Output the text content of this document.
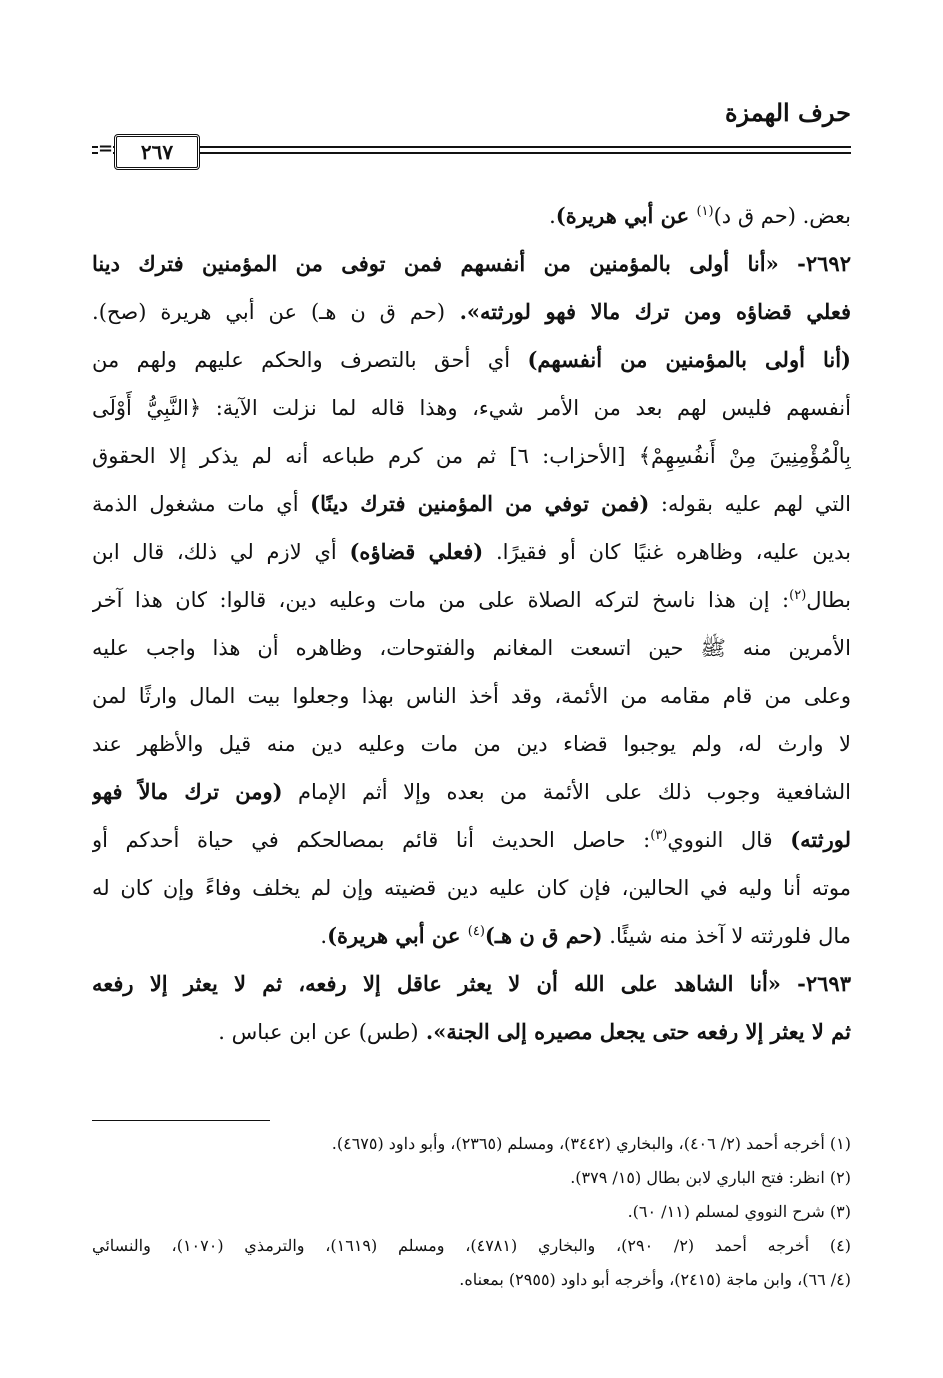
حرف الهمزة
=	٢٦٧
بعض. (حم ق د)$^{(١)}$ عن أبي هريرة).
٢٦٩٢- «أنا أولى بالمؤمنين من أنفسهم فمن توفى من المؤمنين فترك دينا
فعلي قضاؤه ومن ترك مالا فهو لورثته». (حم ق ن هـ) عن أبي هريرة (صح).
(أنا أولى بالمؤمنين من أنفسهم) أي أحق بالتصرف والحكم عليهم ولهم من
أنفسهم فليس لهم بعد من الأمر شيء، وهذا قاله لما نزلت الآية: ﴿النَّبِيُّ أَوْلَى
بِالْمُؤْمِنِينَ مِنْ أَنفُسِهِمْ﴾ [الأحزاب: ٦] ثم من كرم طباعه أنه لم يذكر إلا الحقوق
التي لهم عليه بقوله: (فمن توفي من المؤمنين فترك دينًا) أي مات مشغول الذمة
بدين عليه، وظاهره غنيًا كان أو فقيرًا. (فعلي قضاؤه) أي لازم لي ذلك، قال ابن
بطال$^{(٢)}$: إن هذا ناسخ لتركه الصلاة على من مات وعليه دين، قالوا: كان هذا آخر
الأمرين منه ﷺ حين اتسعت المغانم والفتوحات، وظاهره أن هذا واجب عليه
وعلى من قام مقامه من الأئمة، وقد أخذ الناس بهذا وجعلوا بيت المال وارثًا لمن
لا وارث له، ولم يوجبوا قضاء دين من مات وعليه دين منه قيل والأظهر عند
الشافعية وجوب ذلك على الأئمة من بعده وإلا أثم الإمام (ومن ترك مالاً فهو
لورثته) قال النووي$^{(٣)}$: حاصل الحديث أنا قائم بمصالحكم في حياة أحدكم أو
موته أنا وليه في الحالين، فإن كان عليه دين قضيته وإن لم يخلف وفاءً وإن كان له
مال فلورثته لا آخذ منه شيئًا. (حم ق ن هـ)$^{(٤)}$ عن أبي هريرة).
٢٦٩٣- «أنا الشاهد على الله أن لا يعثر عاقل إلا رفعه، ثم لا يعثر إلا رفعه
ثم لا يعثر إلا رفعه حتى يجعل مصيره إلى الجنة». (طس) عن ابن عباس .
(١) أخرجه أحمد (٢/ ٤٠٦)، والبخاري (٣٤٤٢)، ومسلم (٢٣٦٥)، وأبو داود (٤٦٧٥).
(٢) انظر: فتح الباري لابن بطال (١٥/ ٣٧٩).
(٣) شرح النووي لمسلم (١١/ ٦٠).
(٤) أخرجه أحمد (٢/ ٢٩٠)، والبخاري (٤٧٨١)، ومسلم (١٦١٩)، والترمذي (١٠٧٠)، والنسائي
(٤/ ٦٦)، وابن ماجة (٢٤١٥)، وأخرجه أبو داود (٢٩٥٥) بمعناه.
